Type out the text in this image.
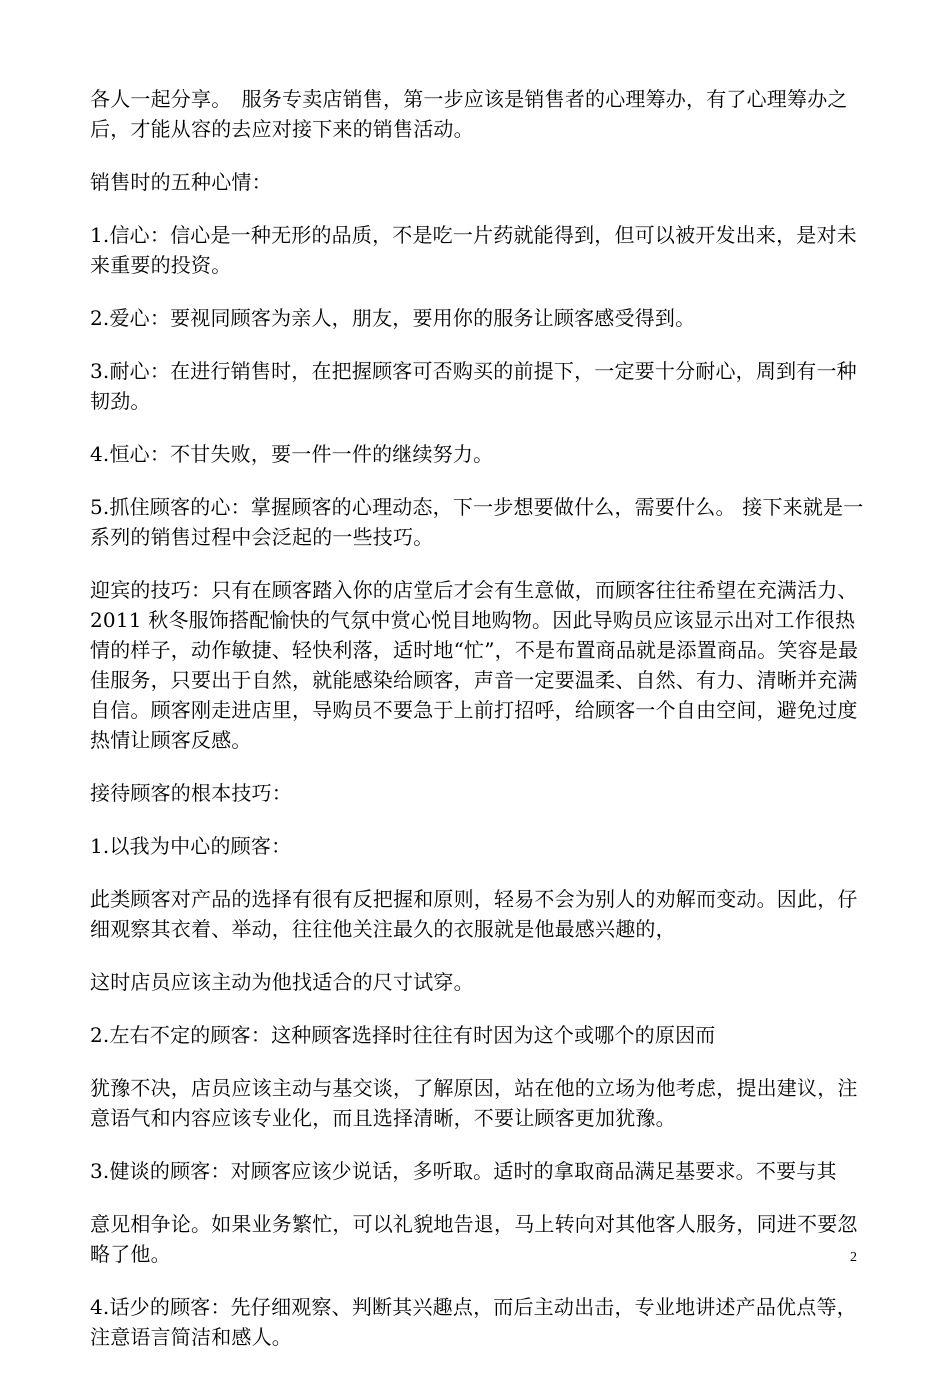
各人一起分享。　服务专卖店销售，第一步应该是销售者的心理筹办，有了心理筹办之后，才能从容的去应对接下来的销售活动。

销售时的五种心情：

1.信心：信心是一种无形的品质，不是吃一片药就能得到，但可以被开发出来，是对未来重要的投资。

2.爱心：要视同顾客为亲人，朋友，要用你的服务让顾客感受得到。

3.耐心：在进行销售时，在把握顾客可否购买的前提下，一定要十分耐心，周到有一种韧劲。

4.恒心：不甘失败，要一件一件的继续努力。

5.抓住顾客的心：掌握顾客的心理动态，下一步想要做什么，需要什么。 接下来就是一系列的销售过程中会泛起的一些技巧。

迎宾的技巧：只有在顾客踏入你的店堂后才会有生意做，而顾客往往希望在充满活力、2011 秋冬服饰搭配愉快的气氛中赏心悦目地购物。因此导购员应该显示出对工作很热情的样子，动作敏捷、轻快利落，适时地“忙”，不是布置商品就是添置商品。笑容是最佳服务，只要出于自然，就能感染给顾客，声音一定要温柔、自然、有力、清晰并充满自信。顾客刚走进店里，导购员不要急于上前打招呼，给顾客一个自由空间，避免过度热情让顾客反感。

接待顾客的根本技巧：

1.以我为中心的顾客：

此类顾客对产品的选择有很有反把握和原则，轻易不会为别人的劝解而变动。因此，仔细观察其衣着、举动，往往他关注最久的衣服就是他最感兴趣的，

这时店员应该主动为他找适合的尺寸试穿。

2.左右不定的顾客：这种顾客选择时往往有时因为这个或哪个的原因而

犹豫不决，店员应该主动与基交谈，了解原因，站在他的立场为他考虑，提出建议，注意语气和内容应该专业化，而且选择清晰，不要让顾客更加犹豫。

3.健谈的顾客：对顾客应该少说话，多听取。适时的拿取商品满足基要求。不要与其

意见相争论。如果业务繁忙，可以礼貌地告退，马上转向对其他客人服务，同进不要忽略了他。

4.话少的顾客：先仔细观察、判断其兴趣点，而后主动出击，专业地讲述产品优点等，注意语言简洁和感人。

2
